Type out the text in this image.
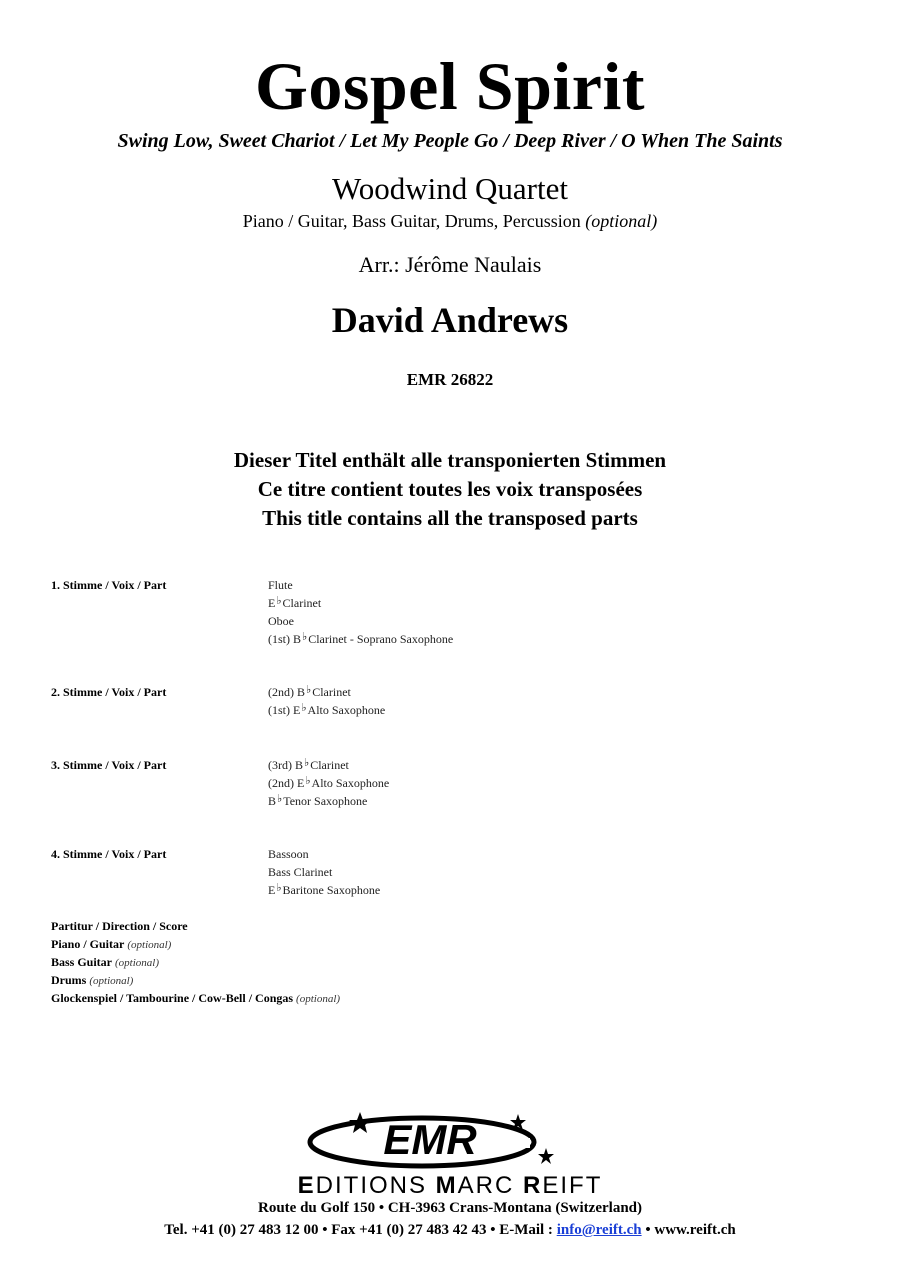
Gospel Spirit
Swing Low, Sweet Chariot / Let My People Go / Deep River / O When The Saints
Woodwind Quartet
Piano / Guitar, Bass Guitar, Drums, Percussion (optional)
Arr.: Jérôme Naulais
David Andrews
EMR 26822
Dieser Titel enthält alle transponierten Stimmen
Ce titre contient toutes les voix transposées
This title contains all the transposed parts
1. Stimme / Voix / Part	Flute
E♭Clarinet
Oboe
(1st) B♭Clarinet - Soprano Saxophone
2. Stimme / Voix / Part	(2nd) B♭Clarinet
(1st) E♭Alto Saxophone
3. Stimme / Voix / Part	(3rd) B♭Clarinet
(2nd) E♭Alto Saxophone
B♭Tenor Saxophone
4. Stimme / Voix / Part	Bassoon
Bass Clarinet
E♭Baritone Saxophone
Partitur / Direction / Score
Piano / Guitar (optional)
Bass Guitar (optional)
Drums (optional)
Glockenspiel / Tambourine / Cow-Bell / Congas (optional)
EMR
EDITIONS MARC REIFT
Route du Golf 150 • CH-3963 Crans-Montana (Switzerland)
Tel. +41 (0) 27 483 12 00 • Fax +41 (0) 27 483 42 43 • E-Mail : info@reift.ch • www.reift.ch
